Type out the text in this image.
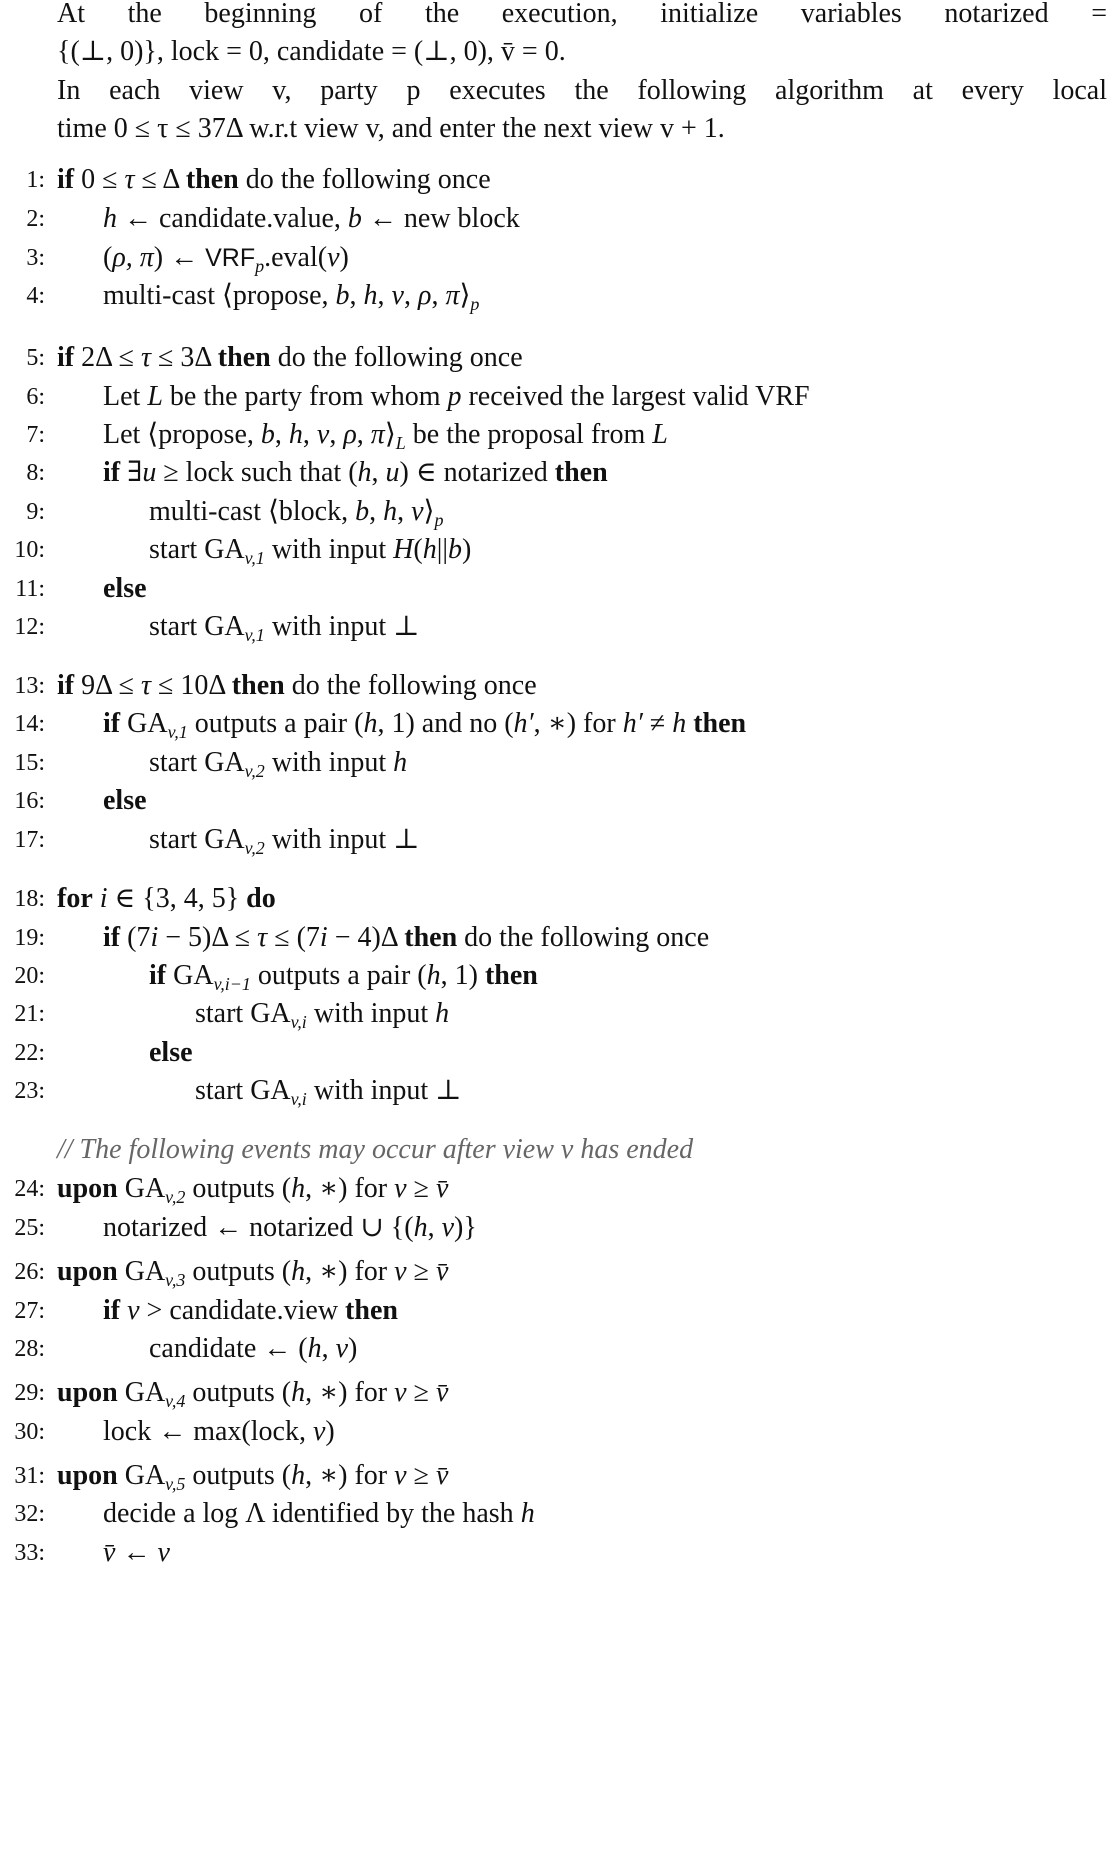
At the beginning of the execution, initialize variables notarized =
{(⊥, 0)}, lock = 0, candidate = (⊥, 0), v̄ = 0.
In each view v, party p executes the following algorithm at every local
time 0 ≤ τ ≤ 37Δ w.r.t view v, and enter the next view v + 1.
1: if 0 ≤ τ ≤ Δ then do the following once
2: h ← candidate.value, b ← new block
3: (ρ, π) ← $VRF_p.eval(v)$
4: multi-cast ⟨propose, b, h, v, ρ, $\pi⟩_p$
5: if 2Δ ≤ τ ≤ 3Δ then do the following once
6: Let L be the party from whom p received the largest valid VRF
7: Let ⟨propose, b, h, v, ρ, $\pi⟩_L$ be the proposal from L
8: if ∃u ≥ lock such that (h, u) ∈ notarized then
9:	multi-cast ⟨block, b, h, $v⟩_p$
10:	start $GA_{v,1}$ with input H(h||b)
11: else
12:	start $GA_{v,1}$ with input ⊥
13: if 9Δ ≤ τ ≤ 10Δ then do the following once
14: if $GA_{v,1}$ outputs a pair (h, 1) and no (h′, ∗) for h′ ≠ h then
15:	start $GA_{v,2}$ with input h
16: else
17:	start $GA_{v,2}$ with input ⊥
18: for i ∈ {3, 4, 5} do
19: if (7i − 5)Δ ≤ τ ≤ (7i − 4)Δ then do the following once
20:	if $GA_{v,i-1}$ outputs a pair (h, 1) then
21:	start $GA_{v,i}$ with input h
22:	else
23:	start $GA_{v,i}$ with input ⊥
24: upon $GA_{v,2}$ outputs (h, ∗) for v ≥ v̄
25: notarized ← notarized ∪ {(h, v)}
26: upon $GA_{v,3}$ outputs (h, ∗) for v ≥ v̄
27: if v > candidate.view then
28:	candidate ← (h, v)
29: upon $GA_{v,4}$ outputs (h, ∗) for v ≥ v̄
30: lock ← max(lock, v)
31: upon $GA_{v,5}$ outputs (h, ∗) for v ≥ v̄
32: decide a log Λ identified by the hash h
33: v̄ ← v
// The following events may occur after view v has ended
